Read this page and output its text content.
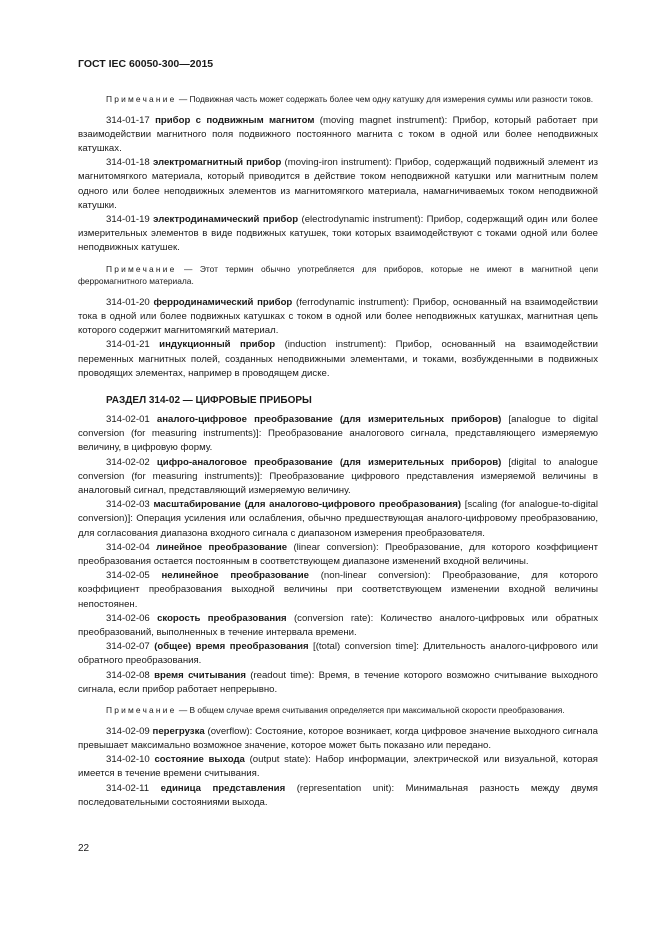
ГОСТ IEC 60050-300—2015

Примечание — Подвижная часть может содержать более чем одну катушку для измерения суммы или разности токов.

314-01-17 прибор с подвижным магнитом (moving magnet instrument): Прибор, который работает при взаимодействии магнитного поля подвижного постоянного магнита с током в одной или более неподвижных катушках.

314-01-18 электромагнитный прибор (moving-iron instrument): Прибор, содержащий подвижный элемент из магнитомягкого материала, который приводится в действие током неподвижной катушки или магнитным полем одного или более неподвижных элементов из магнитомягкого материала, намагничиваемых током неподвижной катушки.

314-01-19 электродинамический прибор (electrodynamic instrument): Прибор, содержащий один или более измерительных элементов в виде подвижных катушек, токи которых взаимодействуют с токами одной или более неподвижных катушек.

Примечание — Этот термин обычно употребляется для приборов, которые не имеют в магнитной цепи ферромагнитного материала.

314-01-20 ферродинамический прибор (ferrodynamic instrument): Прибор, основанный на взаимодействии тока в одной или более подвижных катушках с током в одной или более неподвижных катушках, магнитная цепь которого содержит магнитомягкий материал.

314-01-21 индукционный прибор (induction instrument): Прибор, основанный на взаимодействии переменных магнитных полей, созданных неподвижными элементами, и токами, возбужденными в подвижных проводящих элементах, например в проводящем диске.

РАЗДЕЛ 314-02 — ЦИФРОВЫЕ ПРИБОРЫ

314-02-01 аналого-цифровое преобразование (для измерительных приборов) [analogue to digital conversion (for measuring instruments)]: Преобразование аналогового сигнала, представляющего измеряемую величину, в цифровую форму.

314-02-02 цифро-аналоговое преобразование (для измерительных приборов) [digital to analogue conversion (for measuring instruments)]: Преобразование цифрового представления измеряемой величины в аналоговый сигнал, представляющий измеряемую величину.

314-02-03 масштабирование (для аналогово-цифрового преобразования) [scaling (for analogue-to-digital conversion)]: Операция усиления или ослабления, обычно предшествующая аналого-цифровому преобразованию, для согласования диапазона входного сигнала с диапазоном измерения преобразователя.

314-02-04 линейное преобразование (linear conversion): Преобразование, для которого коэффициент преобразования остается постоянным в соответствующем диапазоне изменений входной величины.

314-02-05 нелинейное преобразование (non-linear conversion): Преобразование, для которого коэффициент преобразования выходной величины при соответствующем изменении входной величины непостоянен.

314-02-06 скорость преобразования (conversion rate): Количество аналого-цифровых или обратных преобразований, выполненных в течение интервала времени.

314-02-07 (общее) время преобразования [(total) conversion time]: Длительность аналого-цифрового или обратного преобразования.

314-02-08 время считывания (readout time): Время, в течение которого возможно считывание выходного сигнала, если прибор работает непрерывно.

Примечание — В общем случае время считывания определяется при максимальной скорости преобразования.

314-02-09 перегрузка (overflow): Состояние, которое возникает, когда цифровое значение выходного сигнала превышает максимально возможное значение, которое может быть показано или передано.

314-02-10 состояние выхода (output state): Набор информации, электрической или визуальной, которая имеется в течение времени считывания.

314-02-11 единица представления (representation unit): Минимальная разность между двумя последовательными состояниями выхода.

22
